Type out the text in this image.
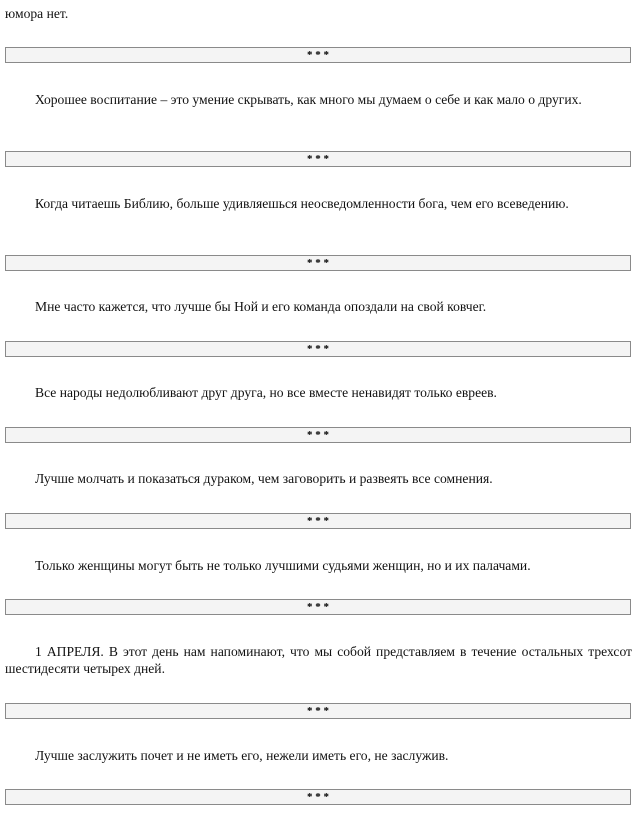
юмора нет.

* * *

Хорошее воспитание – это умение скрывать, как много мы думаем о себе и как мало о других.

* * *

Когда читаешь Библию, больше удивляешься неосведомленности бога, чем его всеведению.

* * *

Мне часто кажется, что лучше бы Ной и его команда опоздали на свой ковчег.

* * *

Все народы недолюбливают друг друга, но все вместе ненавидят только евреев.

* * *

Лучше молчать и показаться дураком, чем заговорить и развеять все сомнения.

* * *

Только женщины могут быть не только лучшими судьями женщин, но и их палачами.

* * *

1 АПРЕЛЯ. В этот день нам напоминают, что мы собой представляем в течение остальных трехсот шестидесяти четырех дней.

* * *

Лучше заслужить почет и не иметь его, нежели иметь его, не заслужив.

* * *
